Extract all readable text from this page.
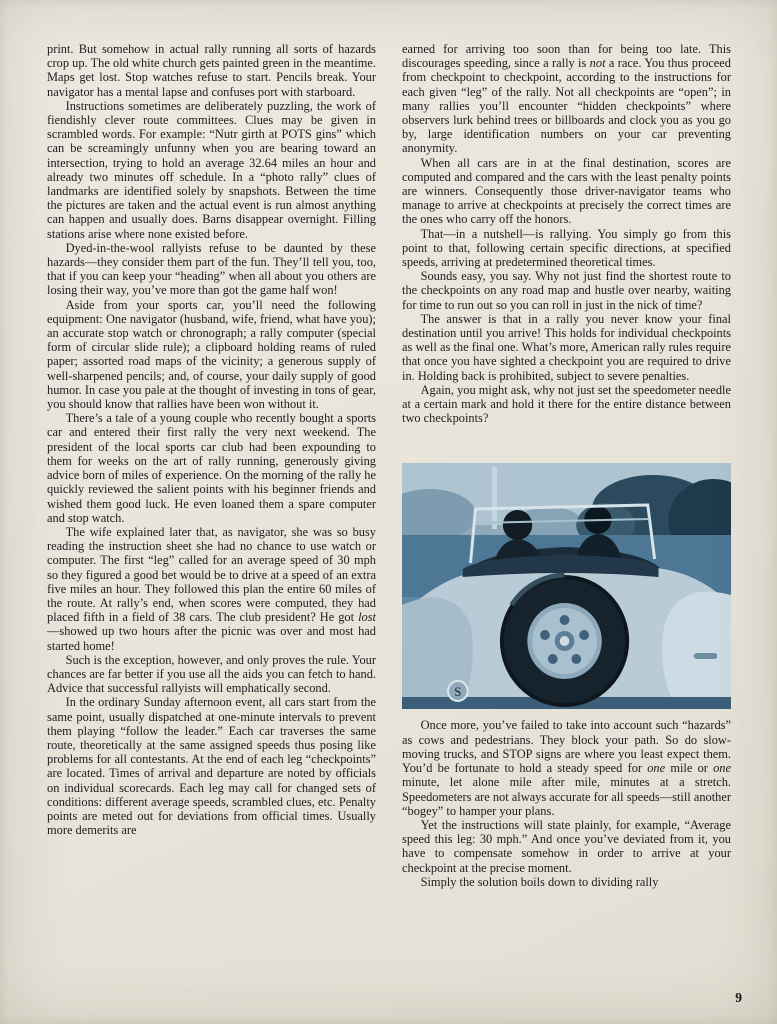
print. But somehow in actual rally running all sorts of hazards crop up. The old white church gets painted green in the meantime. Maps get lost. Stop watches refuse to start. Pencils break. Your navigator has a mental lapse and confuses port with starboard.

Instructions sometimes are deliberately puzzling, the work of fiendishly clever route committees. Clues may be given in scrambled words. For example: “Nutr girth at POTS gins” which can be screamingly unfunny when you are bearing toward an intersection, trying to hold an average 32.64 miles an hour and already two minutes off schedule. In a “photo rally” clues of landmarks are identified solely by snapshots. Between the time the pictures are taken and the actual event is run almost anything can happen and usually does. Barns disappear overnight. Filling stations arise where none existed before.

Dyed-in-the-wool rallyists refuse to be daunted by these hazards—they consider them part of the fun. They’ll tell you, too, that if you can keep your “heading” when all about you others are losing their way, you’ve more than got the game half won!

Aside from your sports car, you’ll need the following equipment: One navigator (husband, wife, friend, what have you); an accurate stop watch or chronograph; a rally computer (special form of circular slide rule); a clipboard holding reams of ruled paper; assorted road maps of the vicinity; a generous supply of well-sharpened pencils; and, of course, your daily supply of good humor. In case you pale at the thought of investing in tons of gear, you should know that rallies have been won without it.

There’s a tale of a young couple who recently bought a sports car and entered their first rally the very next weekend. The president of the local sports car club had been expounding to them for weeks on the art of rally running, generously giving advice born of miles of experience. On the morning of the rally he quickly reviewed the salient points with his beginner friends and wished them good luck. He even loaned them a spare computer and stop watch.

The wife explained later that, as navigator, she was so busy reading the instruction sheet she had no chance to use watch or computer. The first “leg” called for an average speed of 30 mph so they figured a good bet would be to drive at a speed of an extra five miles an hour. They followed this plan the entire 60 miles of the route. At rally’s end, when scores were computed, they had placed fifth in a field of 38 cars. The club president? He got lost—showed up two hours after the picnic was over and most had started home!

Such is the exception, however, and only proves the rule. Your chances are far better if you use all the aids you can fetch to hand. Advice that successful rallyists will emphatically second.

In the ordinary Sunday afternoon event, all cars start from the same point, usually dispatched at one-minute intervals to prevent them playing “follow the leader.” Each car traverses the same route, theoretically at the same assigned speeds thus posing like problems for all contestants. At the end of each leg “checkpoints” are located. Times of arrival and departure are noted by officials on individual scorecards. Each leg may call for changed sets of conditions: different average speeds, scrambled clues, etc. Penalty points are meted out for deviations from official times. Usually more demerits are

earned for arriving too soon than for being too late. This discourages speeding, since a rally is not a race. You thus proceed from checkpoint to checkpoint, according to the instructions for each given “leg” of the rally. Not all checkpoints are “open”; in many rallies you’ll encounter “hidden checkpoints” where observers lurk behind trees or billboards and clock you as you go by, large identification numbers on your car preventing anonymity.

When all cars are in at the final destination, scores are computed and compared and the cars with the least penalty points are winners. Consequently those driver-navigator teams who manage to arrive at checkpoints at precisely the correct times are the ones who carry off the honors.

That—in a nutshell—is rallying. You simply go from this point to that, following certain specific directions, at specified speeds, arriving at predetermined theoretical times.

Sounds easy, you say. Why not just find the shortest route to the checkpoints on any road map and hustle over nearby, waiting for time to run out so you can roll in just in the nick of time?

The answer is that in a rally you never know your final destination until you arrive! This holds for individual checkpoints as well as the final one. What’s more, American rally rules require that once you have sighted a checkpoint you are required to drive in. Holding back is prohibited, subject to severe penalties.

Again, you might ask, why not just set the speedometer needle at a certain mark and hold it there for the entire distance between two checkpoints?

S

Once more, you’ve failed to take into account such “hazards” as cows and pedestrians. They block your path. So do slow-moving trucks, and STOP signs are where you least expect them. You’d be fortunate to hold a steady speed for one mile or one minute, let alone mile after mile, minutes at a stretch. Speedometers are not always accurate for all speeds—still another “bogey” to hamper your plans.

Yet the instructions will state plainly, for example, “Average speed this leg: 30 mph.” And once you’ve deviated from it, you have to compensate somehow in order to arrive at your checkpoint at the precise moment.

Simply the solution boils down to dividing rally

9
